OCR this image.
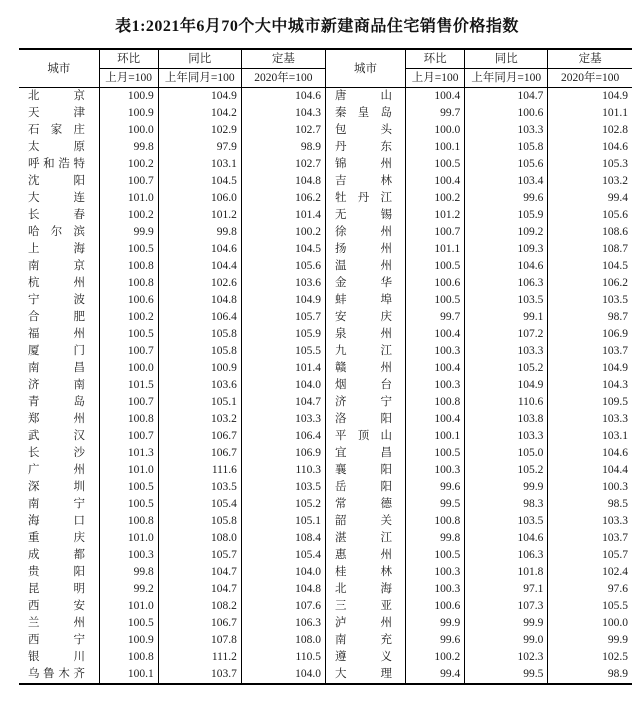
表1:2021年6月70个大中城市新建商品住宅销售价格指数
城市	环比	同比	定基	城市	环比	同比	定基
	上月=100	上年同月=100	2020年=100		上月=100	上年同月=100	2020年=100
北京	100.9	104.9	104.6	唐山	100.4	104.7	104.9
天津	100.9	104.2	104.3	秦皇岛	99.7	100.6	101.1
石家庄	100.0	102.9	102.7	包头	100.0	103.3	102.8
太原	99.8	97.9	98.9	丹东	100.1	105.8	104.6
呼和浩特	100.2	103.1	102.7	锦州	100.5	105.6	105.3
沈阳	100.7	104.5	104.8	吉林	100.4	103.4	103.2
大连	101.0	106.0	106.2	牡丹江	100.2	99.6	99.4
长春	100.2	101.2	101.4	无锡	101.2	105.9	105.6
哈尔滨	99.9	99.8	100.2	徐州	100.7	109.2	108.6
上海	100.5	104.6	104.5	扬州	101.1	109.3	108.7
南京	100.8	104.4	105.6	温州	100.5	104.6	104.5
杭州	100.8	102.6	103.6	金华	100.6	106.3	106.2
宁波	100.6	104.8	104.9	蚌埠	100.5	103.5	103.5
合肥	100.2	106.4	105.7	安庆	99.7	99.1	98.7
福州	100.5	105.8	105.9	泉州	100.4	107.2	106.9
厦门	100.7	105.8	105.5	九江	100.3	103.3	103.7
南昌	100.0	100.9	101.4	赣州	100.4	105.2	104.9
济南	101.5	103.6	104.0	烟台	100.3	104.9	104.3
青岛	100.7	105.1	104.7	济宁	100.8	110.6	109.5
郑州	100.8	103.2	103.3	洛阳	100.4	103.8	103.3
武汉	100.7	106.7	106.4	平顶山	100.1	103.3	103.1
长沙	101.3	106.7	106.9	宜昌	100.5	105.0	104.6
广州	101.0	111.6	110.3	襄阳	100.3	105.2	104.4
深圳	100.5	103.5	103.5	岳阳	99.6	99.9	100.3
南宁	100.5	105.4	105.2	常德	99.5	98.3	98.5
海口	100.8	105.8	105.1	韶关	100.8	103.5	103.3
重庆	101.0	108.0	108.4	湛江	99.8	104.6	103.7
成都	100.3	105.7	105.4	惠州	100.5	106.3	105.7
贵阳	99.8	104.7	104.0	桂林	100.3	101.8	102.4
昆明	99.2	104.7	104.8	北海	100.3	97.1	97.6
西安	101.0	108.2	107.6	三亚	100.6	107.3	105.5
兰州	100.5	106.7	106.3	泸州	99.9	99.9	100.0
西宁	100.9	107.8	108.0	南充	99.6	99.0	99.9
银川	100.8	111.2	110.5	遵义	100.2	102.3	102.5
乌鲁木齐	100.1	103.7	104.0	大理	99.4	99.5	98.9
